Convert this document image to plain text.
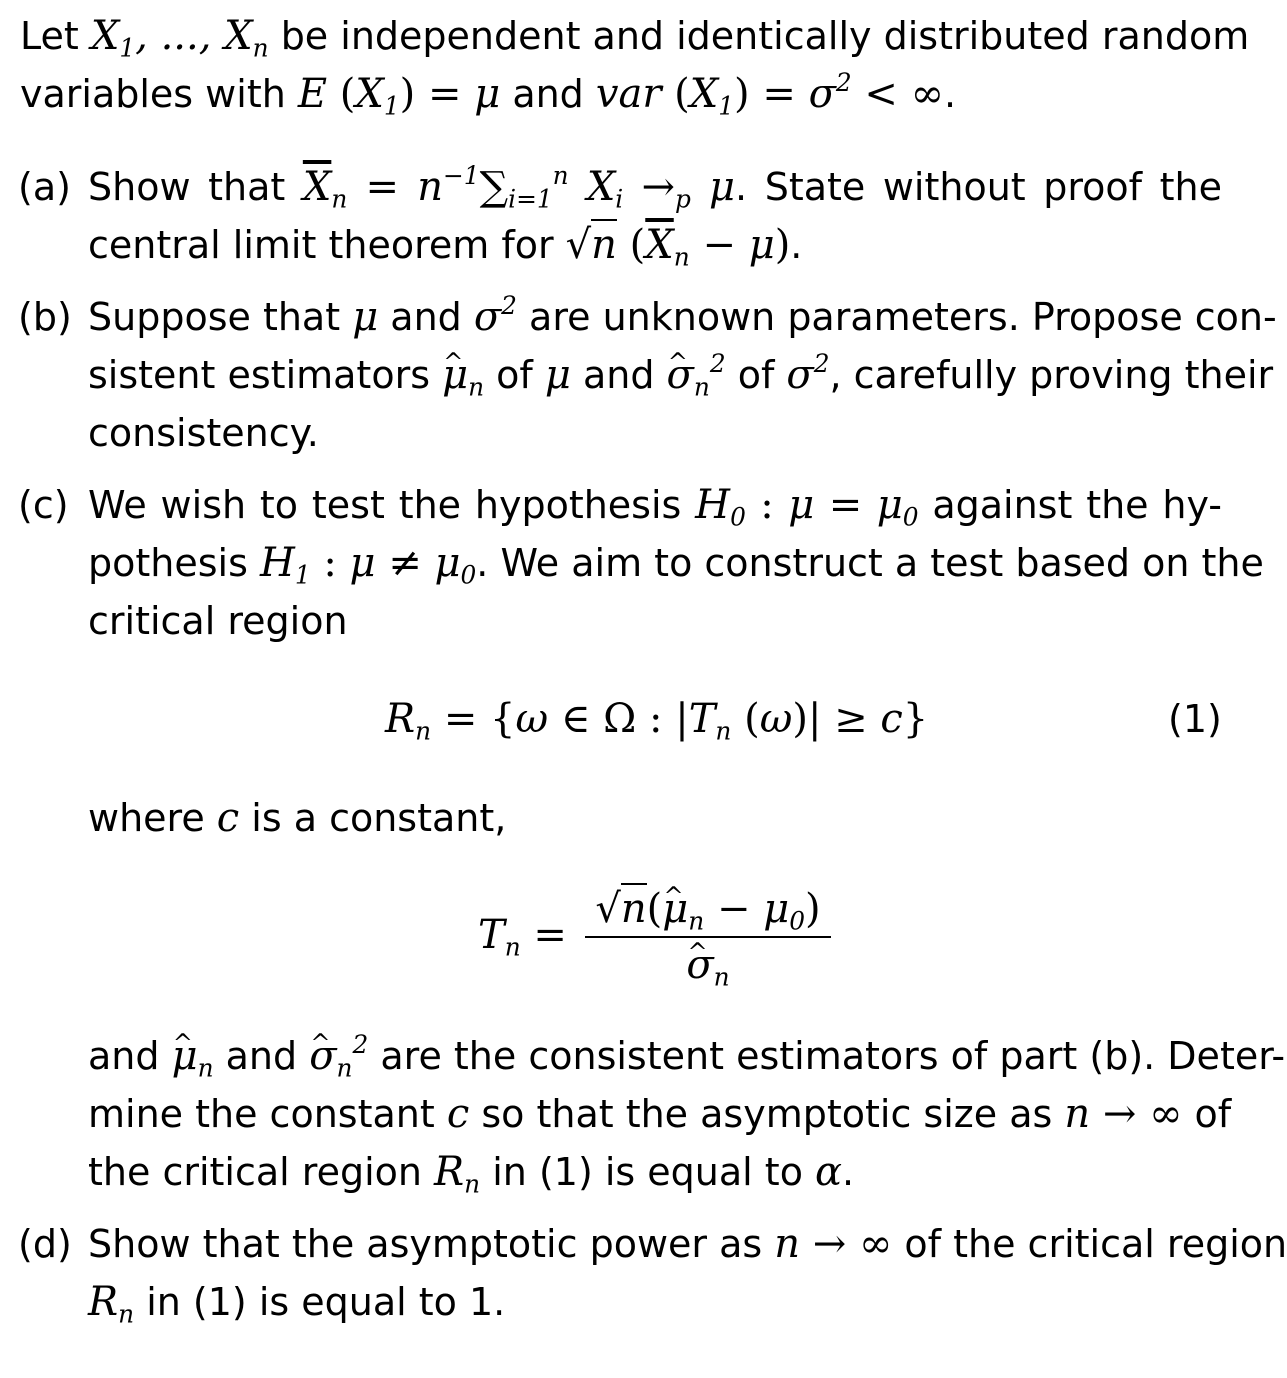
Let $X_1$, ..., $X_n$ be independent and identically distributed random
variables with E $(X_1) = \mu$ and var $(X_1) = \sigma^2$ < ∞.
(a) Show that $\overline{X}_n = n^{-1}\sum_{i=1}^n$ $X_i \to_p$ μ. State without proof the
central limit theorem for √n $(\overline{X}_n - \mu)$.
(b) Suppose that μ and $\sigma^2$ are unknown parameters. Propose con-
sistent estimators μ $\^{}_n$ of μ and σ $\^{}_n^2$ of $\sigma^2$, carefully proving their
consistency.
(c) We wish to test the hypothesis $H_0$ : $\mu = \mu_0$ against the hy-
pothesis $H_1$ : $\mu \ne \mu_0$. We aim to construct a test based on the
critical region
$R_n = \{\omega$ ∈ Ω : $|T_n$ (ω)| ≥ c}	(1)
where c is a constant,
$T_n$ =
√n(μ $\^{}_n - \mu_0$)
σ $\^{}_n$
and μ $\^{}_n$ and σ $\^{}_n^2$ are the consistent estimators of part (b). Deter-
mine the constant c so that the asymptotic size as n → ∞ of
the critical region $R_n$ in (1) is equal to α.
(d) Show that the asymptotic power as n → ∞ of the critical region
$R_n$ in (1) is equal to 1.
